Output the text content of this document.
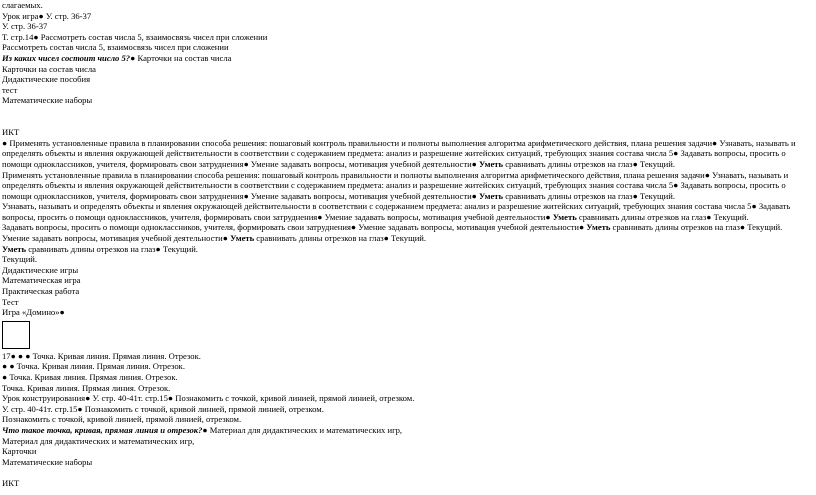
слагаемых.
Урок игра● У. стр. 36-37
У. стр. 36-37
Т. стр.14● Рассмотреть состав числа 5, взаимосвязь чисел при сложении
Рассмотреть состав числа 5, взаимосвязь чисел при сложении
Из каких чисел состоит число 5?● Карточки на состав числа
Карточки на состав числа
Дидактические пособия
тест
Математические наборы
ИКТ
● Применять установленные правила в планировании способа решения: пошаговый контроль правильности и полноты выполнения алгоритма арифметического действия, плана решения задачи● Узнавать, называть и определять объекты и явления окружающей действительности в соответствии с содержанием предмета: анализ и разрешение житейских ситуаций, требующих знания состава числа 5● Задавать вопросы, просить о помощи одноклассников, учителя, формировать свои затруднения● Умение задавать вопросы, мотивация учебной деятельности● Уметь сравнивать длины отрезков на глаз● Текущий.
Применять установленные правила в планировании способа решения: пошаговый контроль правильности и полноты выполнения алгоритма арифметического действия, плана решения задачи● Узнавать, называть и определять объекты и явления окружающей действительности в соответствии с содержанием предмета: анализ и разрешение житейских ситуаций, требующих знания состава числа 5● Задавать вопросы, просить о помощи одноклассников, учителя, формировать свои затруднения● Умение задавать вопросы, мотивация учебной деятельности● Уметь сравнивать длины отрезков на глаз● Текущий.
Узнавать, называть и определять объекты и явления окружающей действительности в соответствии с содержанием предмета: анализ и разрешение житейских ситуаций, требующих знания состава числа 5● Задавать вопросы, просить о помощи одноклассников, учителя, формировать свои затруднения● Умение задавать вопросы, мотивация учебной деятельности● Уметь сравнивать длины отрезков на глаз● Текущий.
Задавать вопросы, просить о помощи одноклассников, учителя, формировать свои затруднения● Умение задавать вопросы, мотивация учебной деятельности● Уметь сравнивать длины отрезков на глаз● Текущий.
Умение задавать вопросы, мотивация учебной деятельности● Уметь сравнивать длины отрезков на глаз● Текущий.
Уметь сравнивать длины отрезков на глаз● Текущий.
Текущий.
Дидактические игры
Математическая игра
Практическая работа
Тест
Игра «Домино»●
17● ● ● Точка. Кривая линия. Прямая линия. Отрезок.
● ● Точка. Кривая линия. Прямая линия. Отрезок.
● Точка. Кривая линия. Прямая линия. Отрезок.
Точка. Кривая линия. Прямая линия. Отрезок.
Урок конструирования● У. стр. 40-41т. стр.15● Познакомить с точкой, кривой линией, прямой линией, отрезком.
У. стр. 40-41т. стр.15● Познакомить с точкой, кривой линией, прямой линией, отрезком.
Познакомить с точкой, кривой линией, прямой линией, отрезком.
Что такое точка, кривая, прямая линия и отрезок?● Материал для дидактических и математических игр,
Материал для дидактических и математических игр,
Карточки
Математические наборы
ИКТ
